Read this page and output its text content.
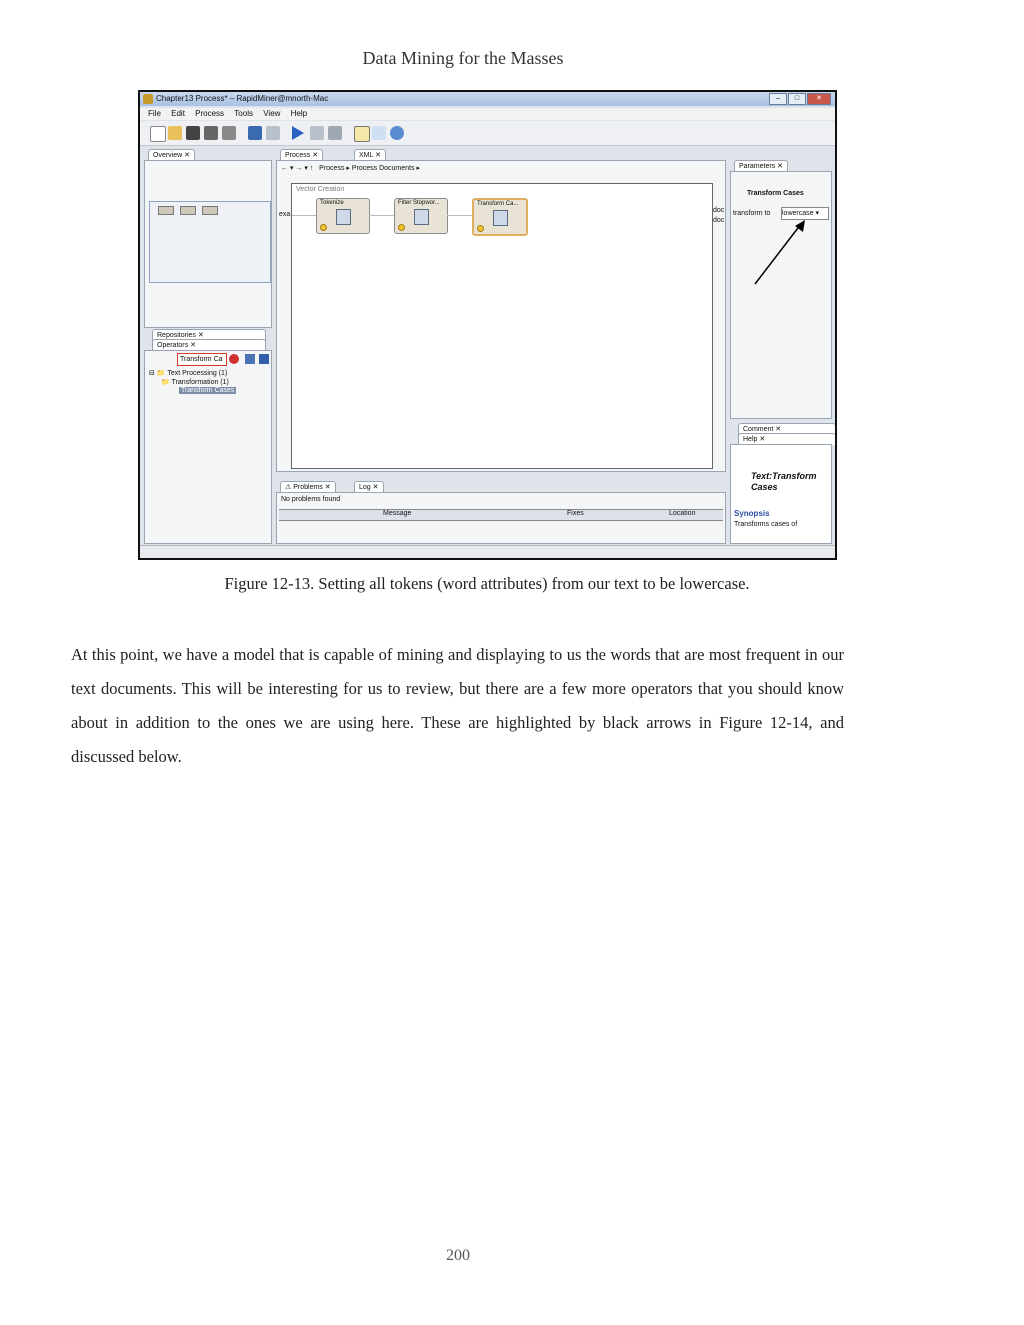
Data Mining for the Masses
Chapter13 Process* – RapidMiner@mnorth-Mac	–	□	✕
File Edit Process Tools View Help
Overview ✕
Repositories ✕
Operators ✕
Transform Ca
⊟ 📁 Text Processing (1)
📁 Transformation (1)
Transform Cases
Process ✕	XML ✕
← ▾ → ▾ ↑   Process ▸ Process Documents ▸
Vector Creation
Tokenize	Filter Stopwor...	Transform Ca...
exa
doc
doc
⚠ Problems ✕	Log ✕
No problems found
Message	Fixes	Location
Parameters ✕
Transform Cases
transform to lowercase ▾
Comment ✕
Help ✕
Text:Transform Cases
Synopsis
Transforms cases of
Figure 12-13. Setting all tokens (word attributes) from our text to be lowercase.
At this point, we have a model that is capable of mining and displaying to us the words that are most frequent in our text documents. This will be interesting for us to review, but there are a few more operators that you should know about in addition to the ones we are using here. These are highlighted by black arrows in Figure 12-14, and discussed below.
200
